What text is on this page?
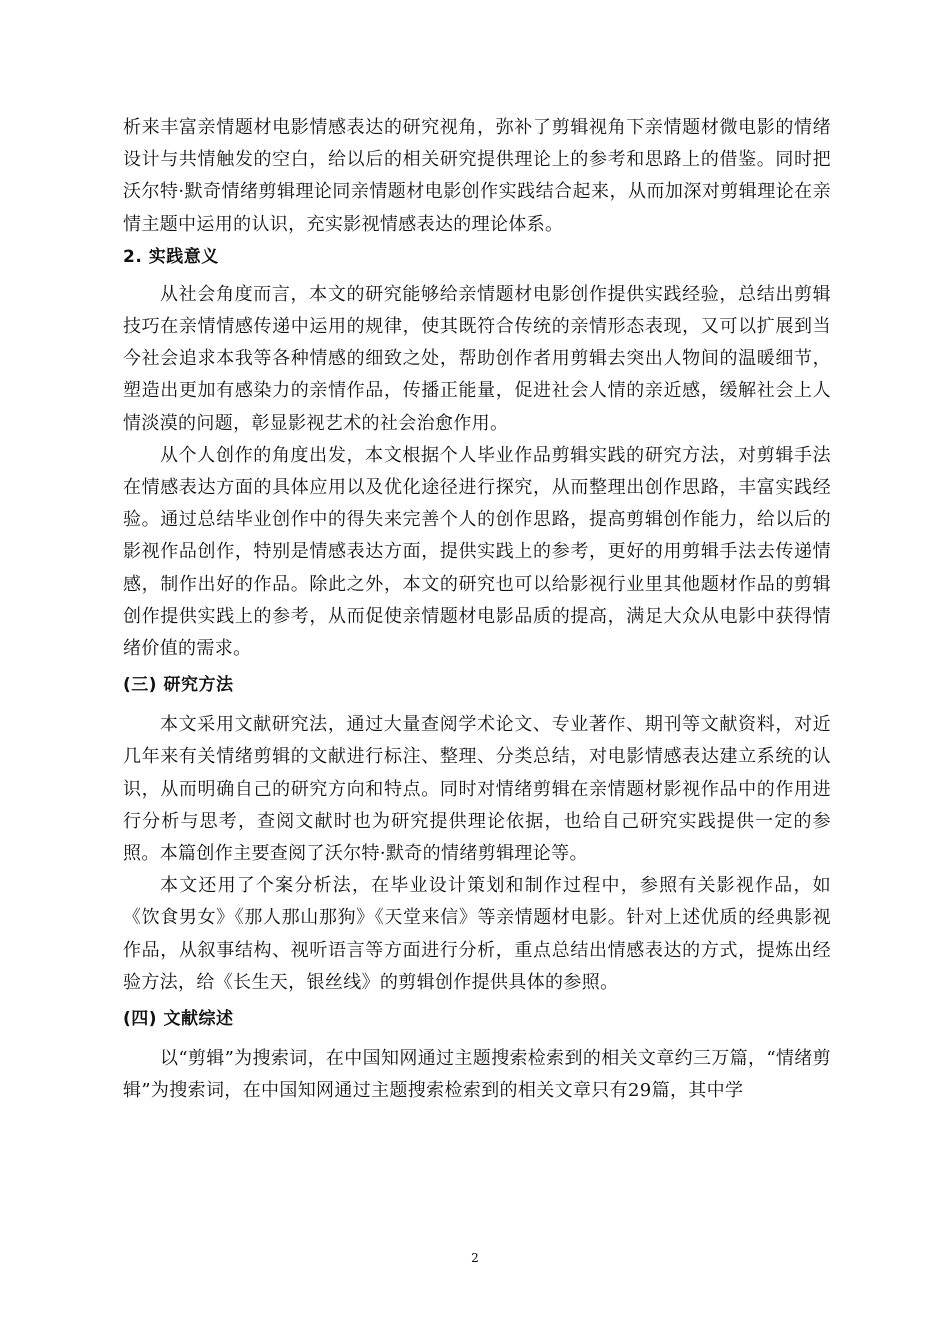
析来丰富亲情题材电影情感表达的研究视角，弥补了剪辑视角下亲情题材微电影的情绪设计与共情触发的空白，给以后的相关研究提供理论上的参考和思路上的借鉴。同时把沃尔特·默奇情绪剪辑理论同亲情题材电影创作实践结合起来，从而加深对剪辑理论在亲情主题中运用的认识，充实影视情感表达的理论体系。

2. 实践意义

从社会角度而言，本文的研究能够给亲情题材电影创作提供实践经验，总结出剪辑技巧在亲情情感传递中运用的规律，使其既符合传统的亲情形态表现，又可以扩展到当今社会追求本我等各种情感的细致之处，帮助创作者用剪辑去突出人物间的温暖细节，塑造出更加有感染力的亲情作品，传播正能量，促进社会人情的亲近感，缓解社会上人情淡漠的问题，彰显影视艺术的社会治愈作用。

从个人创作的角度出发，本文根据个人毕业作品剪辑实践的研究方法，对剪辑手法在情感表达方面的具体应用以及优化途径进行探究，从而整理出创作思路，丰富实践经验。通过总结毕业创作中的得失来完善个人的创作思路，提高剪辑创作能力，给以后的影视作品创作，特别是情感表达方面，提供实践上的参考，更好的用剪辑手法去传递情感，制作出好的作品。除此之外，本文的研究也可以给影视行业里其他题材作品的剪辑创作提供实践上的参考，从而促使亲情题材电影品质的提高，满足大众从电影中获得情绪价值的需求。

(三) 研究方法

本文采用文献研究法，通过大量查阅学术论文、专业著作、期刊等文献资料，对近几年来有关情绪剪辑的文献进行标注、整理、分类总结，对电影情感表达建立系统的认识，从而明确自己的研究方向和特点。同时对情绪剪辑在亲情题材影视作品中的作用进行分析与思考，查阅文献时也为研究提供理论依据，也给自己研究实践提供一定的参照。本篇创作主要查阅了沃尔特·默奇的情绪剪辑理论等。

本文还用了个案分析法，在毕业设计策划和制作过程中，参照有关影视作品，如《饮食男女》《那人那山那狗》《天堂来信》等亲情题材电影。针对上述优质的经典影视作品，从叙事结构、视听语言等方面进行分析，重点总结出情感表达的方式，提炼出经验方法，给《长生天，银丝线》的剪辑创作提供具体的参照。

(四) 文献综述

以“剪辑”为搜索词，在中国知网通过主题搜索检索到的相关文章约三万篇，“情绪剪辑”为搜索词，在中国知网通过主题搜索检索到的相关文章只有29篇，其中学

2
